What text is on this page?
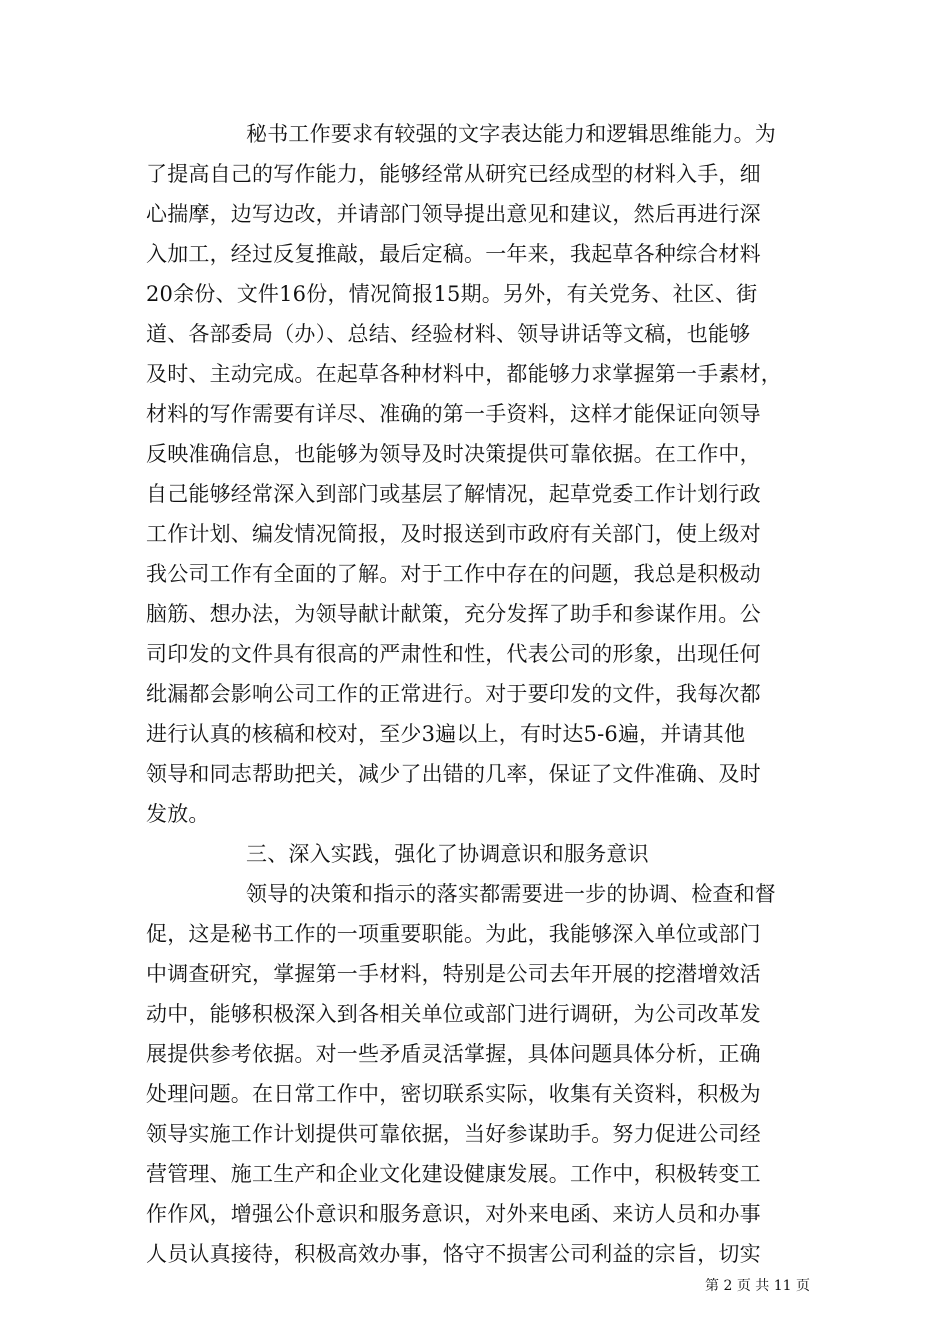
秘书工作要求有较强的文字表达能力和逻辑思维能力。为
了提高自己的写作能力，能够经常从研究已经成型的材料入手，细
心揣摩，边写边改，并请部门领导提出意见和建议，然后再进行深
入加工，经过反复推敲，最后定稿。一年来，我起草各种综合材料
20余份、文件16份，情况简报15期。另外，有关党务、社区、街
道、各部委局（办）、总结、经验材料、领导讲话等文稿，也能够
及时、主动完成。在起草各种材料中，都能够力求掌握第一手素材，
材料的写作需要有详尽、准确的第一手资料，这样才能保证向领导
反映准确信息，也能够为领导及时决策提供可靠依据。在工作中，
自己能够经常深入到部门或基层了解情况，起草党委工作计划行政
工作计划、编发情况简报，及时报送到市政府有关部门，使上级对
我公司工作有全面的了解。对于工作中存在的问题，我总是积极动
脑筋、想办法，为领导献计献策，充分发挥了助手和参谋作用。公
司印发的文件具有很高的严肃性和性，代表公司的形象，出现任何
纰漏都会影响公司工作的正常进行。对于要印发的文件，我每次都
进行认真的核稿和校对，至少3遍以上，有时达5-6遍，并请其他
领导和同志帮助把关，减少了出错的几率，保证了文件准确、及时
发放。
三、深入实践，强化了协调意识和服务意识
领导的决策和指示的落实都需要进一步的协调、检查和督
促，这是秘书工作的一项重要职能。为此，我能够深入单位或部门
中调查研究，掌握第一手材料，特别是公司去年开展的挖潜增效活
动中，能够积极深入到各相关单位或部门进行调研，为公司改革发
展提供参考依据。对一些矛盾灵活掌握，具体问题具体分析，正确
处理问题。在日常工作中，密切联系实际，收集有关资料，积极为
领导实施工作计划提供可靠依据，当好参谋助手。努力促进公司经
营管理、施工生产和企业文化建设健康发展。工作中，积极转变工
作作风，增强公仆意识和服务意识，对外来电函、来访人员和办事
人员认真接待，积极高效办事，恪守不损害公司利益的宗旨，切实
第 2 页 共 11 页
